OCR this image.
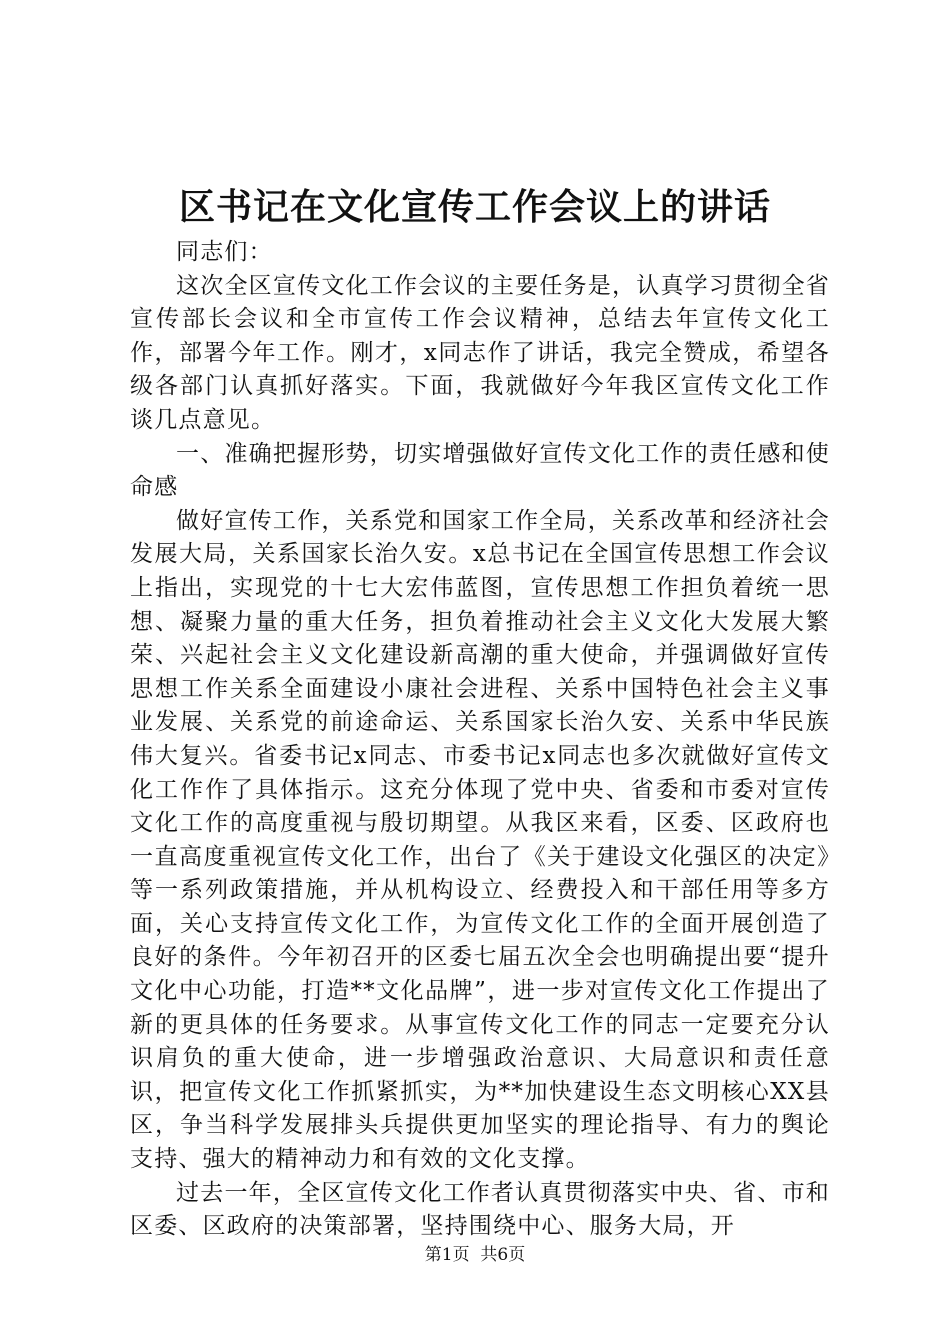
区书记在文化宣传工作会议上的讲话

同志们：

这次全区宣传文化工作会议的主要任务是，认真学习贯彻全省宣传部长会议和全市宣传工作会议精神，总结去年宣传文化工作，部署今年工作。刚才，x同志作了讲话，我完全赞成，希望各级各部门认真抓好落实。下面，我就做好今年我区宣传文化工作谈几点意见。

一、准确把握形势，切实增强做好宣传文化工作的责任感和使命感

做好宣传工作，关系党和国家工作全局，关系改革和经济社会发展大局，关系国家长治久安。x总书记在全国宣传思想工作会议上指出，实现党的十七大宏伟蓝图，宣传思想工作担负着统一思想、凝聚力量的重大任务，担负着推动社会主义文化大发展大繁荣、兴起社会主义文化建设新高潮的重大使命，并强调做好宣传思想工作关系全面建设小康社会进程、关系中国特色社会主义事业发展、关系党的前途命运、关系国家长治久安、关系中华民族伟大复兴。省委书记x同志、市委书记x同志也多次就做好宣传文化工作作了具体指示。这充分体现了党中央、省委和市委对宣传文化工作的高度重视与殷切期望。从我区来看，区委、区政府也一直高度重视宣传文化工作，出台了《关于建设文化强区的决定》等一系列政策措施，并从机构设立、经费投入和干部任用等多方面，关心支持宣传文化工作，为宣传文化工作的全面开展创造了良好的条件。今年初召开的区委七届五次全会也明确提出要“提升文化中心功能，打造**文化品牌”，进一步对宣传文化工作提出了新的更具体的任务要求。从事宣传文化工作的同志一定要充分认识肩负的重大使命，进一步增强政治意识、大局意识和责任意识，把宣传文化工作抓紧抓实，为**加快建设生态文明核心XX县区，争当科学发展排头兵提供更加坚实的理论指导、有力的舆论支持、强大的精神动力和有效的文化支撑。

过去一年，全区宣传文化工作者认真贯彻落实中央、省、市和区委、区政府的决策部署，坚持围绕中心、服务大局，开

第1页  共6页
